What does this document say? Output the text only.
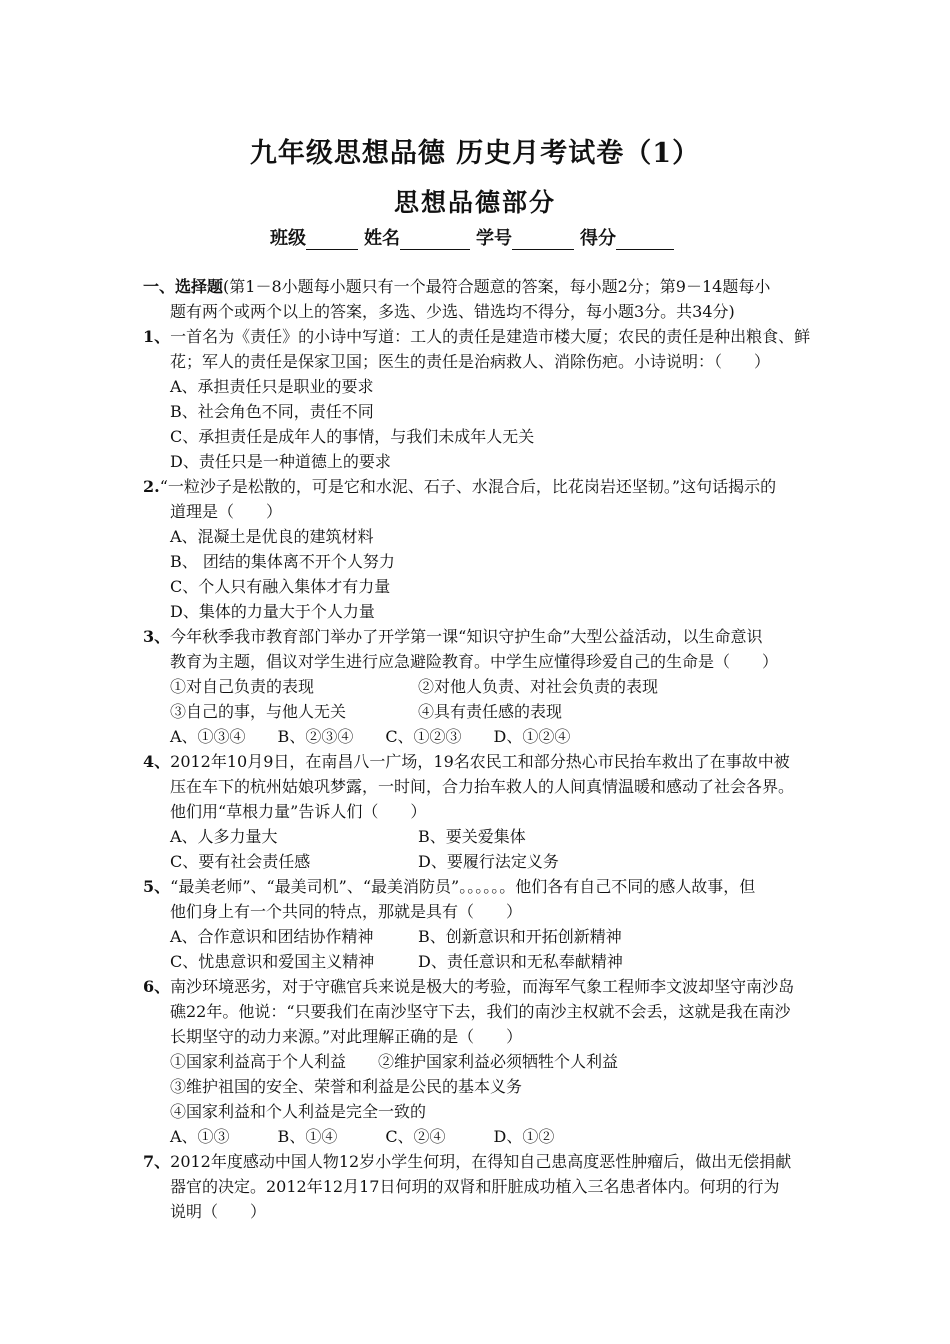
九年级思想品德 历史月考试卷（1）
思想品德部分
班级	姓名	学号	得分
一、选择题(第1－8小题每小题只有一个最符合题意的答案，每小题2分；第9－14题每小
题有两个或两个以上的答案，多选、少选、错选均不得分，每小题3分。共34分)
1、一首名为《责任》的小诗中写道：工人的责任是建造市楼大厦；农民的责任是种出粮食、鲜
花；军人的责任是保家卫国；医生的责任是治病救人、消除伤疤。小诗说明：（　　）
A、承担责任只是职业的要求
B、社会角色不同，责任不同
C、承担责任是成年人的事情，与我们未成年人无关
D、责任只是一种道德上的要求
2.“一粒沙子是松散的，可是它和水泥、石子、水混合后，比花岗岩还坚韧。”这句话揭示的
道理是（　　）
A、混凝土是优良的建筑材料
B、 团结的集体离不开个人努力
C、个人只有融入集体才有力量
D、集体的力量大于个人力量
3、今年秋季我市教育部门举办了开学第一课“知识守护生命”大型公益活动，以生命意识
教育为主题，倡议对学生进行应急避险教育。中学生应懂得珍爱自己的生命是（　　）
①对自己负责的表现	②对他人负责、对社会负责的表现
③自己的事，与他人无关	④具有责任感的表现
A、①③④　　B、②③④　　C、①②③　　D、①②④
4、2012年10月9日，在南昌八一广场，19名农民工和部分热心市民抬车救出了在事故中被
压在车下的杭州姑娘巩梦露，一时间，合力抬车救人的人间真情温暖和感动了社会各界。
他们用“草根力量”告诉人们（　　）
A、人多力量大	B、要关爱集体
C、要有社会责任感	D、要履行法定义务
5、“最美老师”、“最美司机”、“最美消防员”。。。。。。他们各有自己不同的感人故事，但
他们身上有一个共同的特点，那就是具有（　　）
A、合作意识和团结协作精神	B、创新意识和开拓创新精神
C、忧患意识和爱国主义精神	D、责任意识和无私奉献精神
6、南沙环境恶劣，对于守礁官兵来说是极大的考验，而海军气象工程师李文波却坚守南沙岛
礁22年。他说：“只要我们在南沙坚守下去，我们的南沙主权就不会丢，这就是我在南沙
长期坚守的动力来源。”对此理解正确的是（　　）
①国家利益高于个人利益　　②维护国家利益必须牺牲个人利益
③维护祖国的安全、荣誉和利益是公民的基本义务
④国家利益和个人利益是完全一致的
A、①③　　　B、①④　　　C、②④　　　D、①②
7、2012年度感动中国人物12岁小学生何玥，在得知自己患高度恶性肿瘤后，做出无偿捐献
器官的决定。2012年12月17日何玥的双肾和肝脏成功植入三名患者体内。何玥的行为
说明（　　）
